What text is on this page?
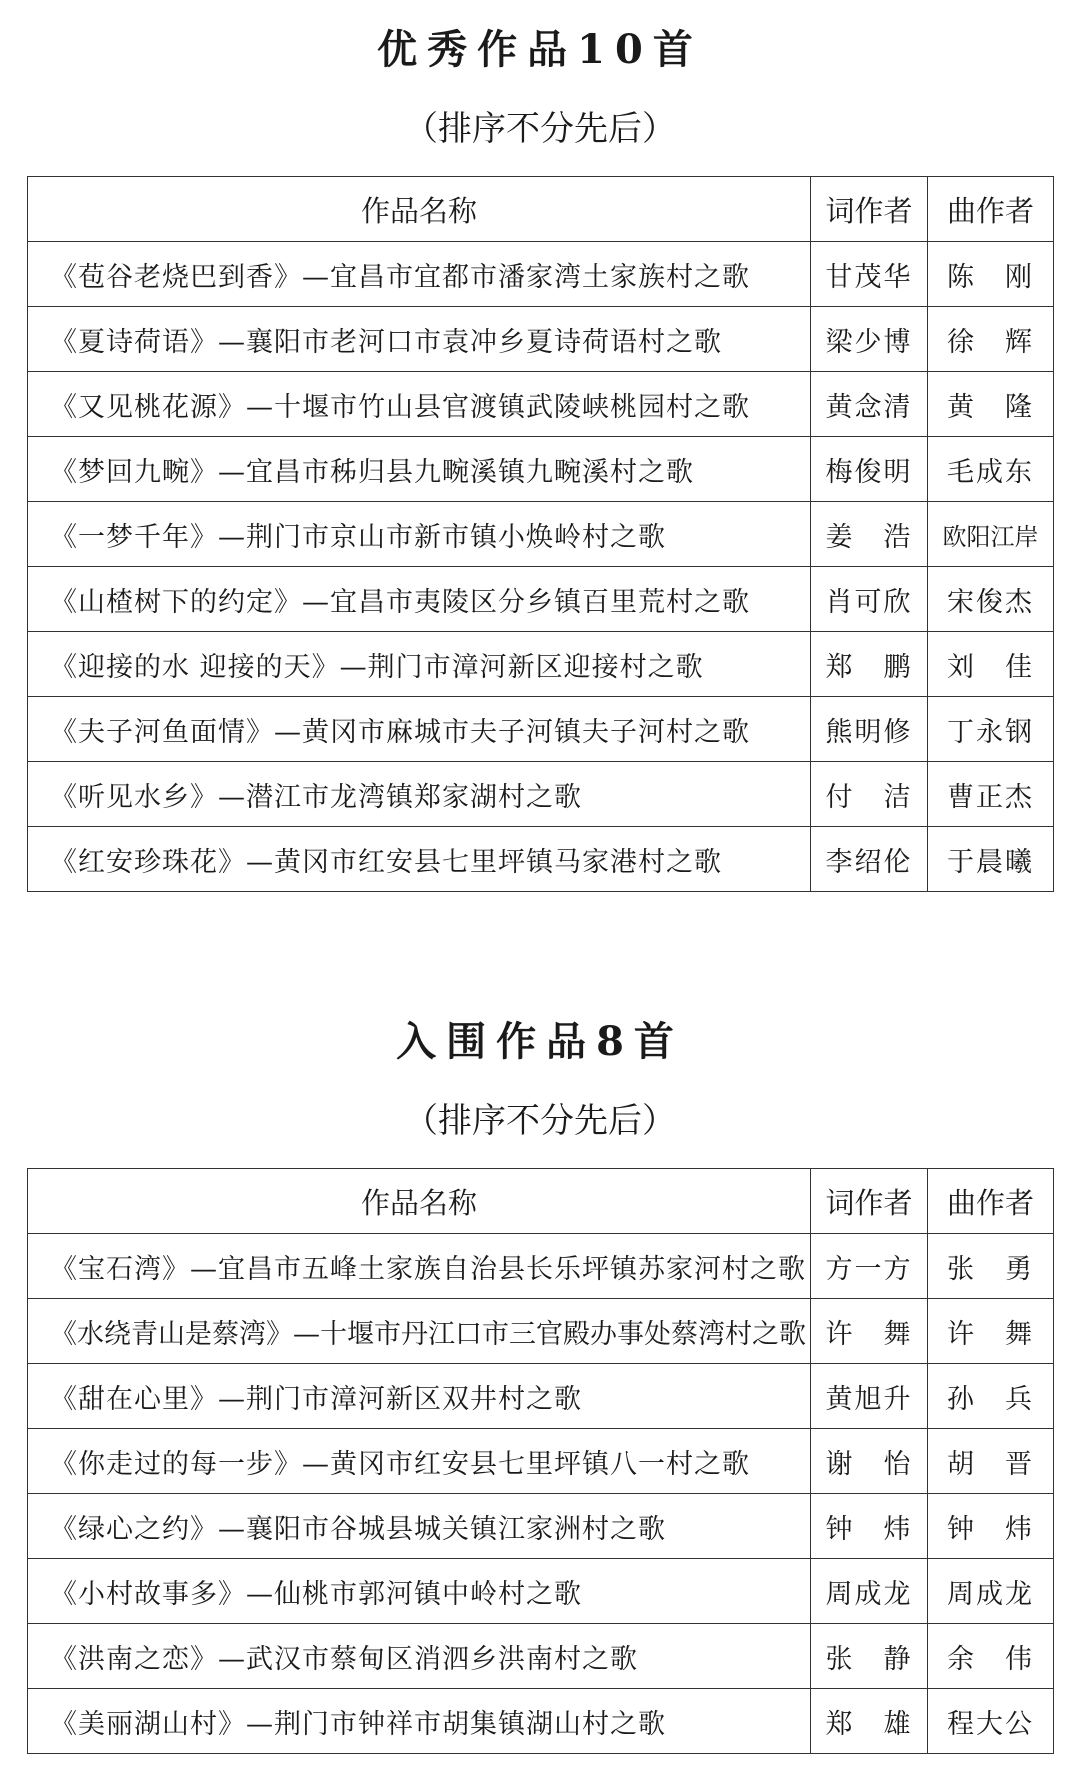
优秀作品10首
（排序不分先后）
作品名称	词作者	曲作者
《苞谷老烧巴到香》—宜昌市宜都市潘家湾土家族村之歌	甘茂华	陈　刚
《夏诗荷语》—襄阳市老河口市袁冲乡夏诗荷语村之歌	梁少博	徐　辉
《又见桃花源》—十堰市竹山县官渡镇武陵峡桃园村之歌	黄念清	黄　隆
《梦回九畹》—宜昌市秭归县九畹溪镇九畹溪村之歌	梅俊明	毛成东
《一梦千年》—荆门市京山市新市镇小焕岭村之歌	姜　浩	欧阳江岸
《山楂树下的约定》—宜昌市夷陵区分乡镇百里荒村之歌	肖可欣	宋俊杰
《迎接的水 迎接的天》—荆门市漳河新区迎接村之歌	郑　鹏	刘　佳
《夫子河鱼面情》—黄冈市麻城市夫子河镇夫子河村之歌	熊明修	丁永钢
《听见水乡》—潜江市龙湾镇郑家湖村之歌	付　洁	曹正杰
《红安珍珠花》—黄冈市红安县七里坪镇马家港村之歌	李绍伦	于晨曦
入围作品8首
（排序不分先后）
作品名称	词作者	曲作者
《宝石湾》—宜昌市五峰土家族自治县长乐坪镇苏家河村之歌	方一方	张　勇
《水绕青山是蔡湾》—十堰市丹江口市三官殿办事处蔡湾村之歌	许　舞	许　舞
《甜在心里》—荆门市漳河新区双井村之歌	黄旭升	孙　兵
《你走过的每一步》—黄冈市红安县七里坪镇八一村之歌	谢　怡	胡　晋
《绿心之约》—襄阳市谷城县城关镇江家洲村之歌	钟　炜	钟　炜
《小村故事多》—仙桃市郭河镇中岭村之歌	周成龙	周成龙
《洪南之恋》—武汉市蔡甸区消泗乡洪南村之歌	张　静	余　伟
《美丽湖山村》—荆门市钟祥市胡集镇湖山村之歌	郑　雄	程大公
